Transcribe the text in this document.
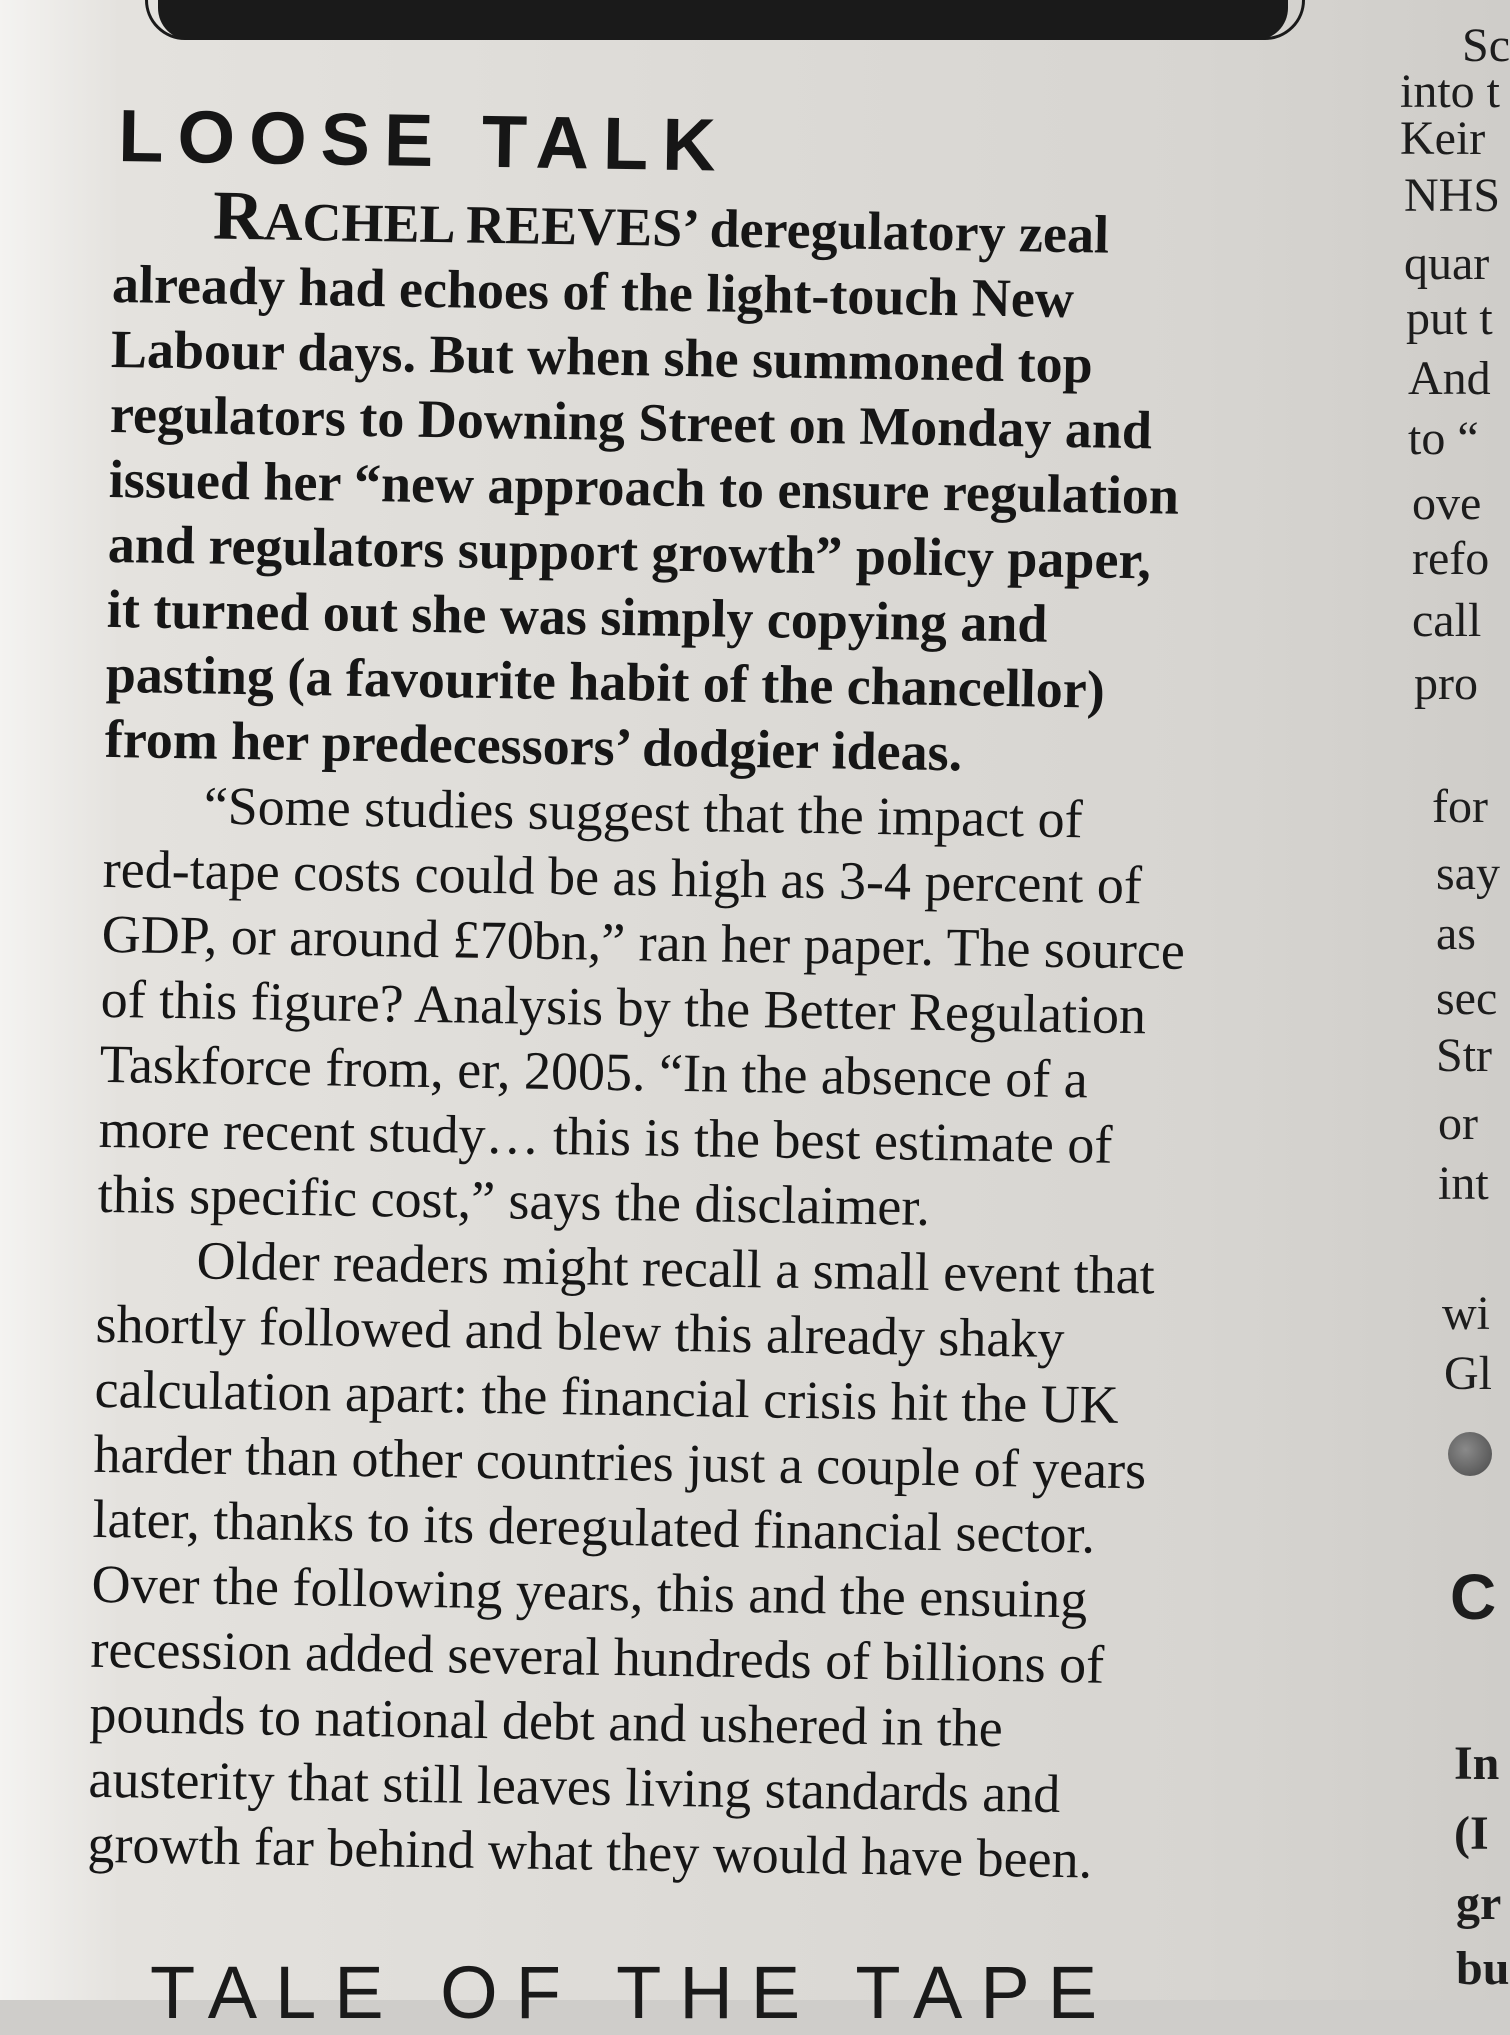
LOOSE TALK

RACHEL REEVES’ deregulatory zeal
already had echoes of the light-touch New
Labour days. But when she summoned top
regulators to Downing Street on Monday and
issued her “new approach to ensure regulation
and regulators support growth” policy paper,
it turned out she was simply copying and
pasting (a favourite habit of the chancellor)
from her predecessors’ dodgier ideas.

“Some studies suggest that the impact of
red-tape costs could be as high as 3-4 percent of
GDP, or around £70bn,” ran her paper. The source
of this figure? Analysis by the Better Regulation
Taskforce from, er, 2005. “In the absence of a
more recent study… this is the best estimate of
this specific cost,” says the disclaimer.

Older readers might recall a small event that
shortly followed and blew this already shaky
calculation apart: the financial crisis hit the UK
harder than other countries just a couple of years
later, thanks to its deregulated financial sector.
Over the following years, this and the ensuing
recession added several hundreds of billions of
pounds to national debt and ushered in the
austerity that still leaves living standards and
growth far behind what they would have been.

TALE OF THE TAPE
Sc
into t
Keir
NHS
quar
put t
And
to “
ove
refo
call
pro
for
say
as
sec
Str
or
int
wi
Gl
C
In
(I
gr
bu
